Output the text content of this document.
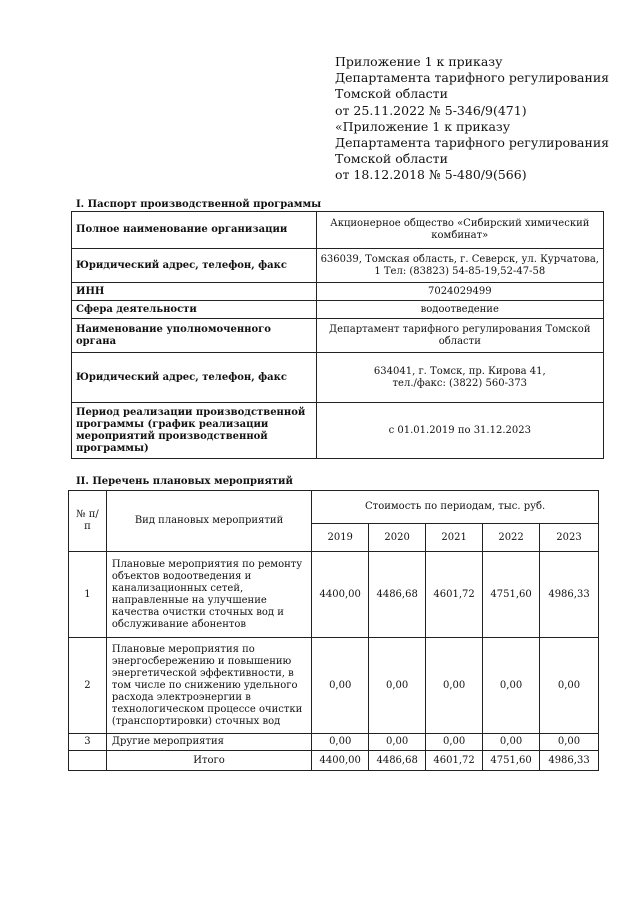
Приложение 1 к приказу
Департамента тарифного регулирования
Томской области
от 25.11.2022 № 5-346/9(471)
«Приложение 1 к приказу
Департамента тарифного регулирования
Томской области
от 18.12.2018 № 5-480/9(566)
I. Паспорт производственной программы
Полное наименование организации	Акционерное общество «Сибирский химический
комбинат»
Юридический адрес, телефон, факс	636039, Томская область, г. Северск, ул. Курчатова,
1 Тел: (83823) 54-85-19,52-47-58
ИНН	7024029499
Сфера деятельности	водоотведение
Наименование уполномоченного органа	Департамент тарифного регулирования Томской
области
Юридический адрес, телефон, факс	634041, г. Томск, пр. Кирова 41,
тел./факс: (3822) 560-373
Период реализации производственной программы (график реализации мероприятий производственной программы)	с 01.01.2019 по 31.12.2023
II. Перечень плановых мероприятий
№ п/п	Вид плановых мероприятий	Стоимость по периодам, тыс. руб.				
		2019	2020	2021	2022	2023
1	Плановые мероприятия по ремонту объектов водоотведения и канализационных сетей, направленные на улучшение качества очистки сточных вод и обслуживание абонентов	4400,00	4486,68	4601,72	4751,60	4986,33
2	Плановые мероприятия по энергосбережению и повышению энергетической эффективности, в том числе по снижению удельного расхода электроэнергии в технологическом процессе очистки (транспортировки) сточных вод	0,00	0,00	0,00	0,00	0,00
3	Другие мероприятия	0,00	0,00	0,00	0,00	0,00
	Итого	4400,00	4486,68	4601,72	4751,60	4986,33
